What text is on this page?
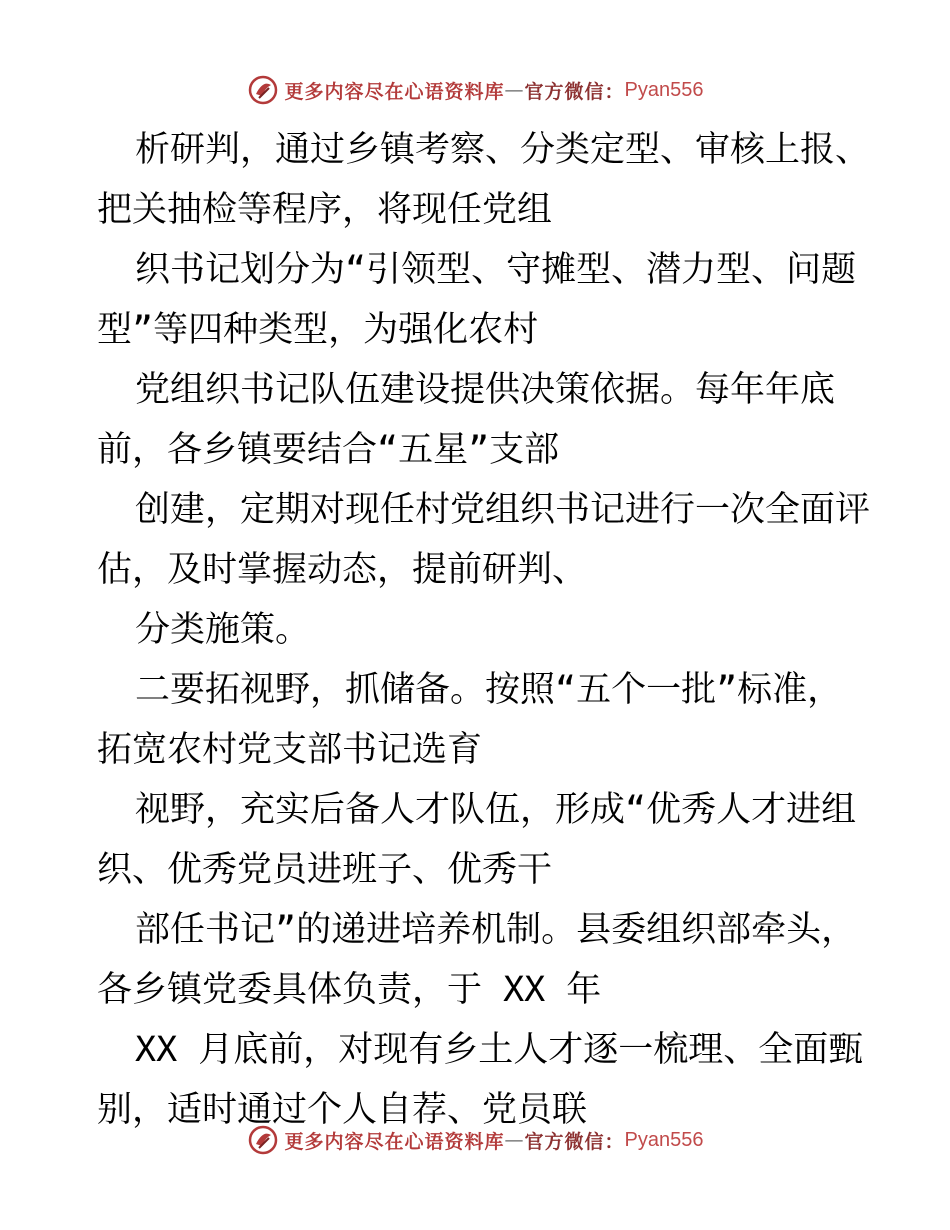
更多内容尽在心语资料库 — 官方微信： Pyan556
析研判，通过乡镇考察、分类定型、审核上报、
把关抽检等程序，将现任党组
织书记划分为“引领型、守摊型、潜力型、问题
型”等四种类型，为强化农村
党组织书记队伍建设提供决策依据。每年年底
前，各乡镇要结合“五星”支部
创建，定期对现任村党组织书记进行一次全面评
估，及时掌握动态，提前研判、
分类施策。
二要拓视野，抓储备。按照“五个一批”标准，
拓宽农村党支部书记选育
视野，充实后备人才队伍，形成“优秀人才进组
织、优秀党员进班子、优秀干
部任书记”的递进培养机制。县委组织部牵头，
各乡镇党委具体负责，于 XX 年
XX 月底前，对现有乡土人才逐一梳理、全面甄
别，适时通过个人自荐、党员联
更多内容尽在心语资料库 — 官方微信： Pyan556
